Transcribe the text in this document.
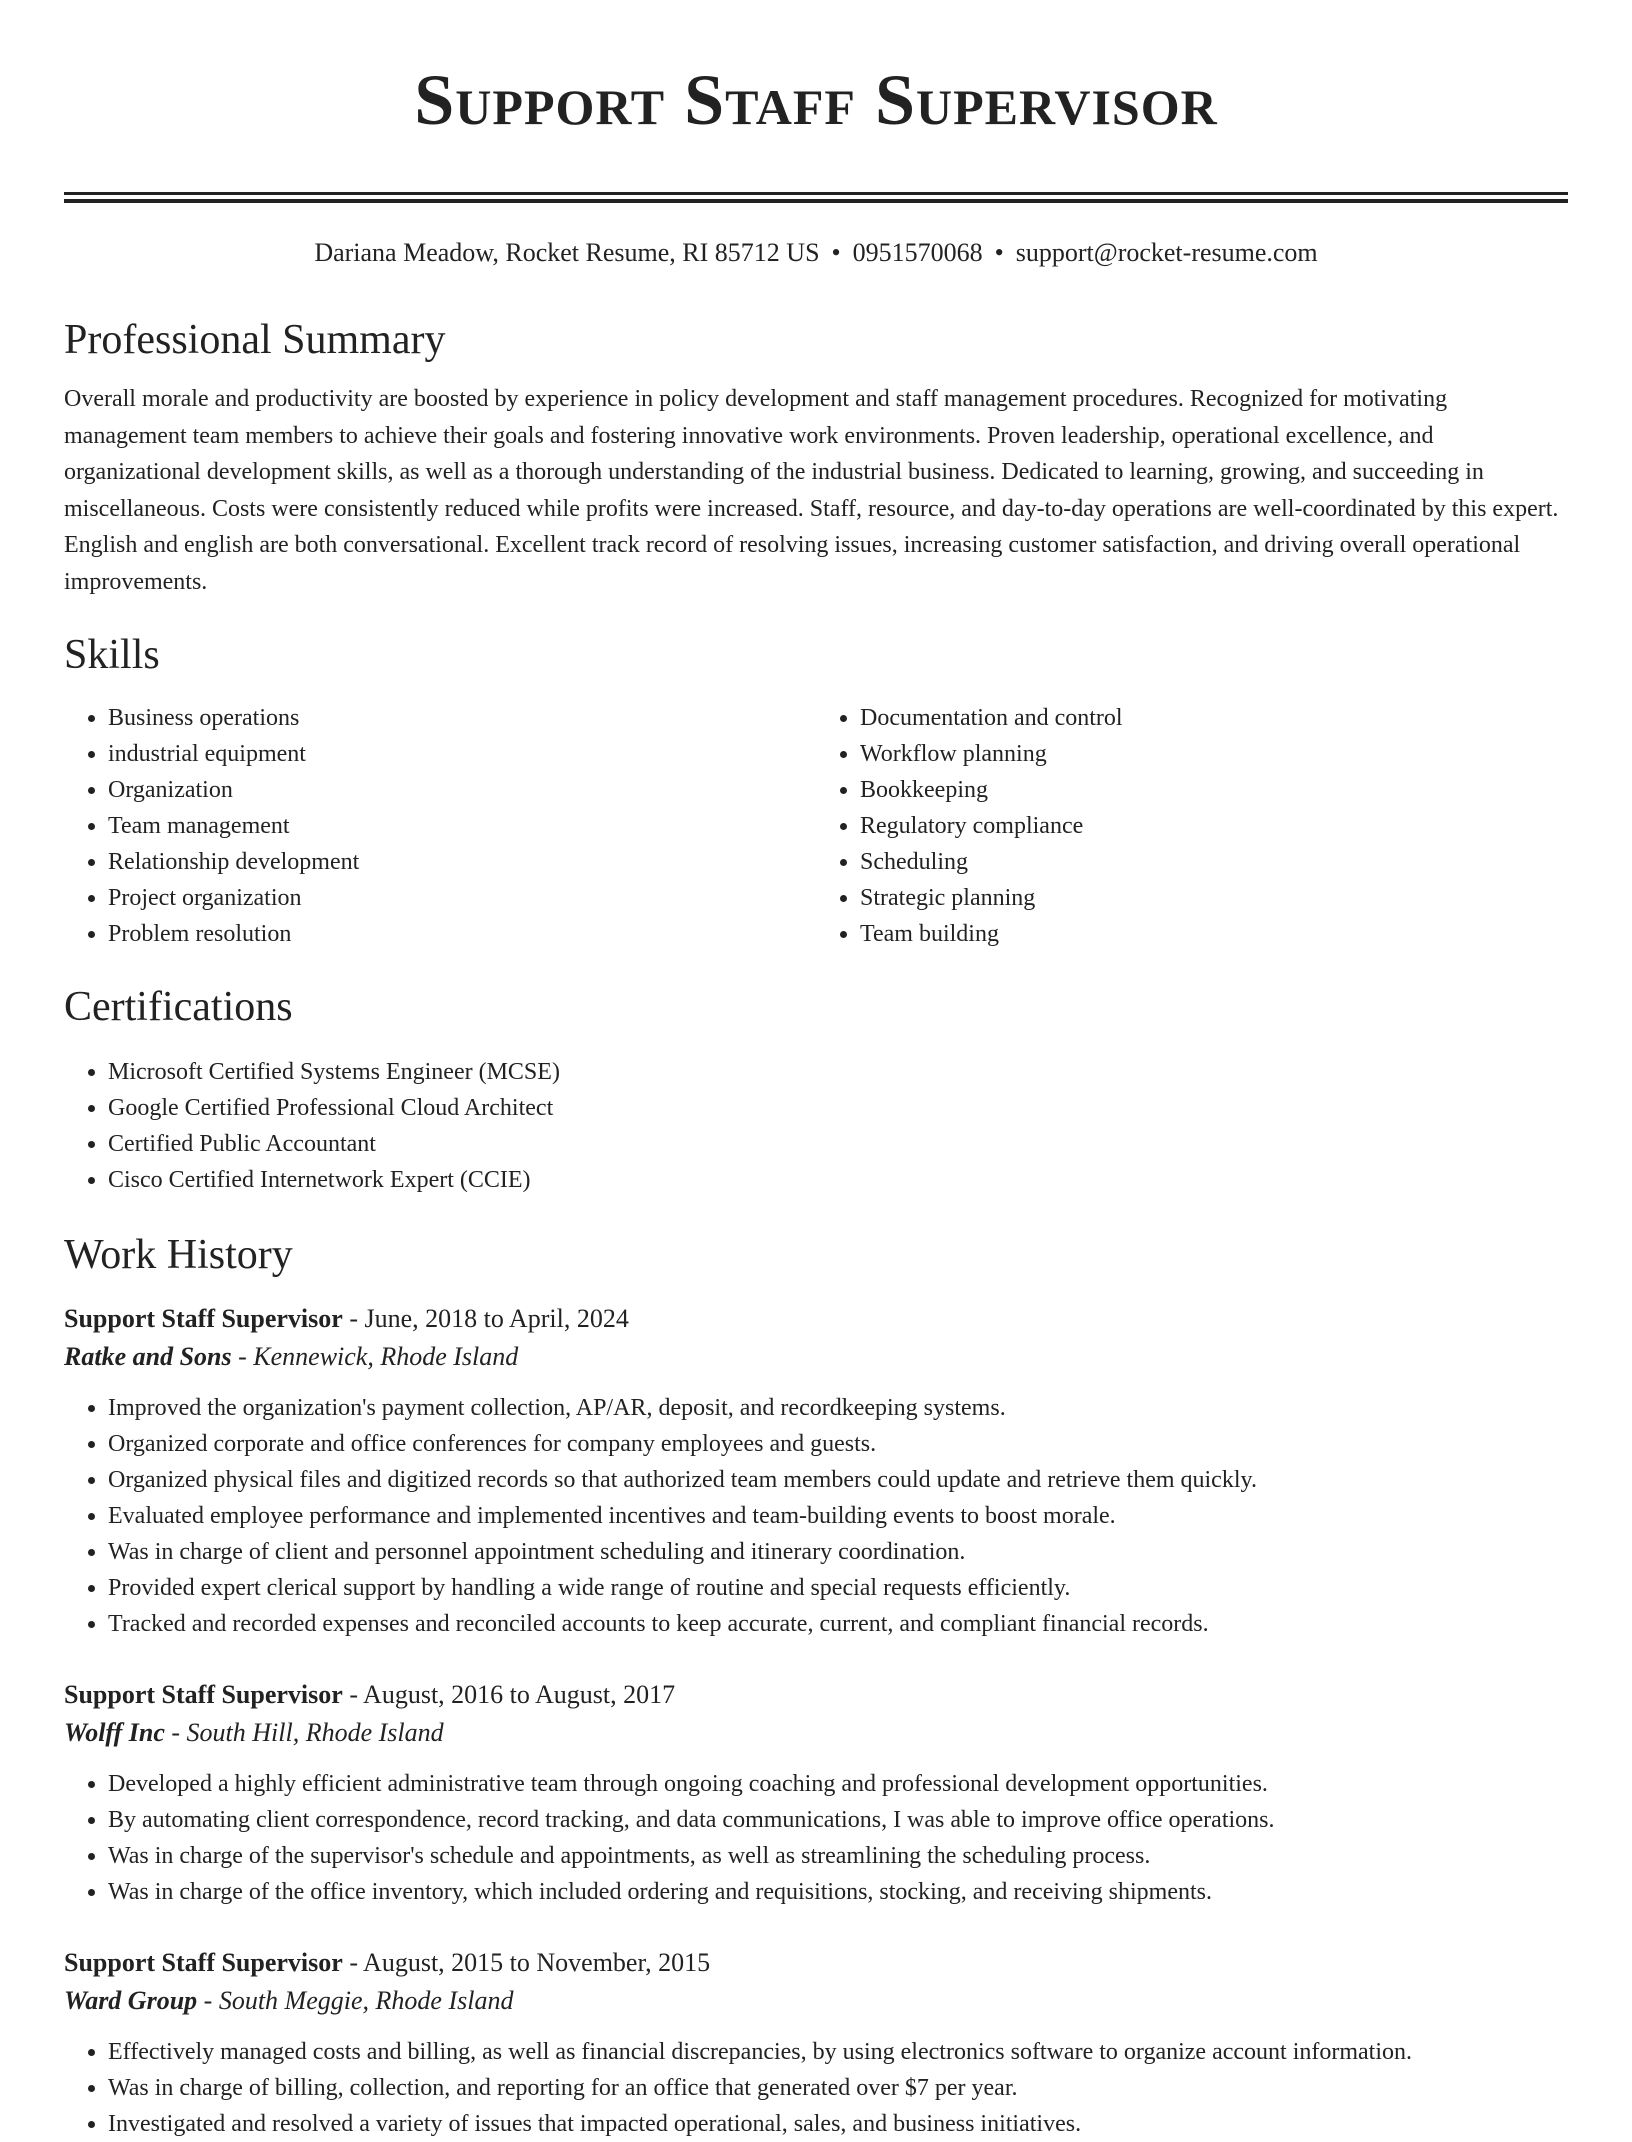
Support Staff Supervisor
Dariana Meadow, Rocket Resume, RI 85712 US • 0951570068 • support@rocket-resume.com
Professional Summary

Overall morale and productivity are boosted by experience in policy development and staff management procedures. Recognized for motivating management team members to achieve their goals and fostering innovative work environments. Proven leadership, operational excellence, and organizational development skills, as well as a thorough understanding of the industrial business. Dedicated to learning, growing, and succeeding in miscellaneous. Costs were consistently reduced while profits were increased. Staff, resource, and day-to-day operations are well-coordinated by this expert. English and english are both conversational. Excellent track record of resolving issues, increasing customer satisfaction, and driving overall operational improvements.

Skills
• Business operations
• industrial equipment
• Organization
• Team management
• Relationship development
• Project organization
• Problem resolution
• Documentation and control
• Workflow planning
• Bookkeeping
• Regulatory compliance
• Scheduling
• Strategic planning
• Team building
Certifications
• Microsoft Certified Systems Engineer (MCSE)
• Google Certified Professional Cloud Architect
• Certified Public Accountant
• Cisco Certified Internetwork Expert (CCIE)
Work History
Support Staff Supervisor - June, 2018 to April, 2024
Ratke and Sons - Kennewick, Rhode Island
• Improved the organization's payment collection, AP/AR, deposit, and recordkeeping systems.
• Organized corporate and office conferences for company employees and guests.
• Organized physical files and digitized records so that authorized team members could update and retrieve them quickly.
• Evaluated employee performance and implemented incentives and team-building events to boost morale.
• Was in charge of client and personnel appointment scheduling and itinerary coordination.
• Provided expert clerical support by handling a wide range of routine and special requests efficiently.
• Tracked and recorded expenses and reconciled accounts to keep accurate, current, and compliant financial records.
Support Staff Supervisor - August, 2016 to August, 2017
Wolff Inc - South Hill, Rhode Island
• Developed a highly efficient administrative team through ongoing coaching and professional development opportunities.
• By automating client correspondence, record tracking, and data communications, I was able to improve office operations.
• Was in charge of the supervisor's schedule and appointments, as well as streamlining the scheduling process.
• Was in charge of the office inventory, which included ordering and requisitions, stocking, and receiving shipments.
Support Staff Supervisor - August, 2015 to November, 2015
Ward Group - South Meggie, Rhode Island
• Effectively managed costs and billing, as well as financial discrepancies, by using electronics software to organize account information.
• Was in charge of billing, collection, and reporting for an office that generated over $7 per year.
• Investigated and resolved a variety of issues that impacted operational, sales, and business initiatives.
